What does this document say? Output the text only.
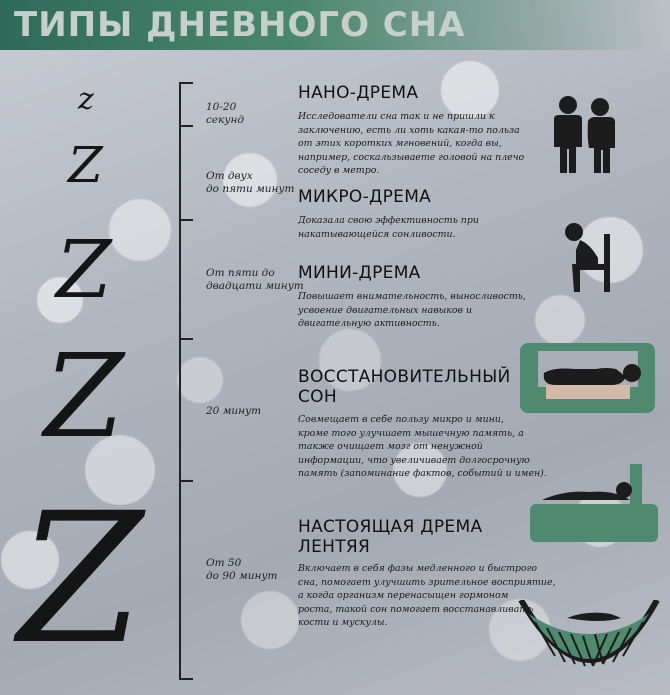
ТИПЫ ДНЕВНОГО СНА
z
Z
Z
Z
Z
10-20
секунд
От двух
до пяти минут
От пяти до
двадцати минут
20 минут
От 50
до 90 минут
НАНО-ДРЕМА
МИКРО-ДРЕМА
МИНИ-ДРЕМА
ВОССТАНОВИТЕЛЬНЫЙ
СОН
НАСТОЯЩАЯ ДРЕМА
ЛЕНТЯЯ
Исследователи сна так и не пришли к
заключению, есть ли хоть какая-то польза
от этих коротких мгновений, когда вы,
например, соскальзываете головой на плечо
соседу в метро.
Доказала свою эффективность при
накатывающейся сонливости.
Повышает внимательность, выносливость,
усвоение двигательных навыков и
двигательную активность.
Совмещает в себе пользу микро и мини,
кроме того улучшает мышечную память, а
также очищает мозг от ненужной
информации, что увеличивает долгосрочную
память (запоминание фактов, событий и имен).
Включает в себя фазы медленного и быстрого
сна, помогает улучшить зрительное восприятие,
а когда организм перенасыщен гормоном
роста, такой сон помогает восстанавливать
кости и мускулы.
